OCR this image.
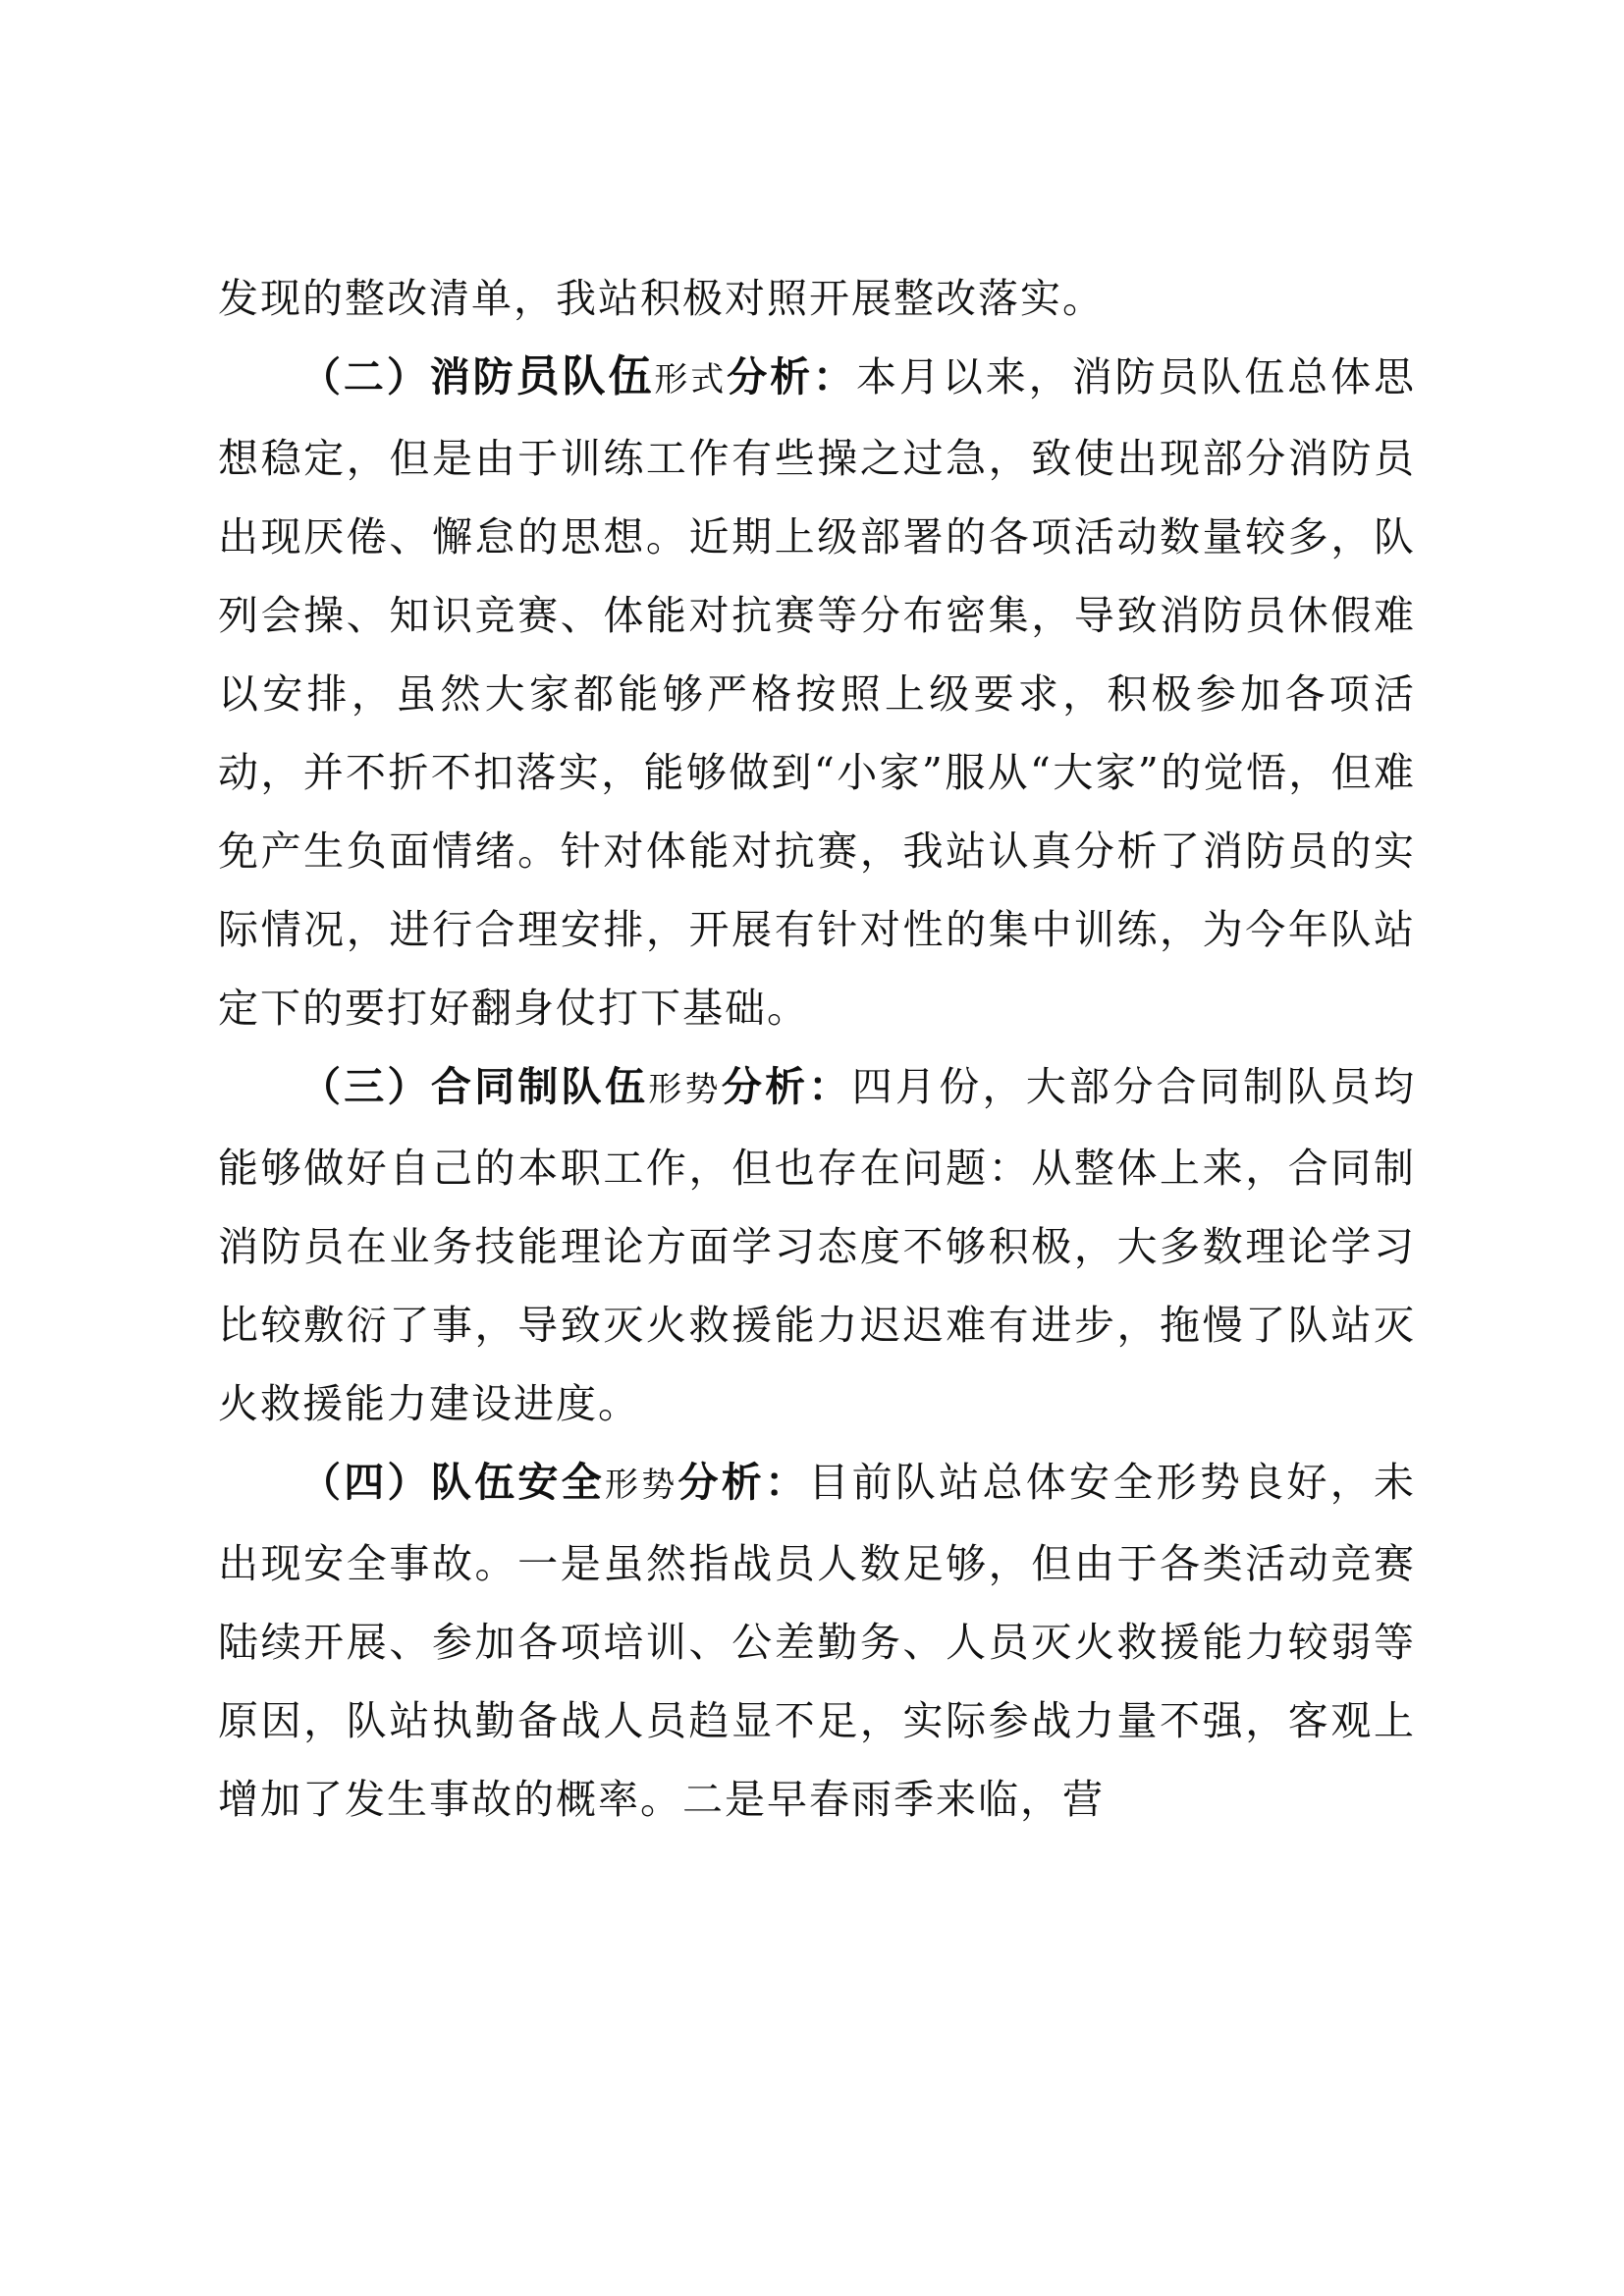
发现的整改清单，我站积极对照开展整改落实。

（二）消防员队伍形式分析：本月以来，消防员队伍总体思想稳定，但是由于训练工作有些操之过急，致使出现部分消防员出现厌倦、懈怠的思想。近期上级部署的各项活动数量较多，队列会操、知识竞赛、体能对抗赛等分布密集，导致消防员休假难以安排，虽然大家都能够严格按照上级要求，积极参加各项活动，并不折不扣落实，能够做到“小家”服从“大家”的觉悟，但难免产生负面情绪。针对体能对抗赛，我站认真分析了消防员的实际情况，进行合理安排，开展有针对性的集中训练，为今年队站定下的要打好翻身仗打下基础。

（三）合同制队伍形势分析：四月份，大部分合同制队员均能够做好自己的本职工作，但也存在问题：从整体上来，合同制消防员在业务技能理论方面学习态度不够积极，大多数理论学习比较敷衍了事，导致灭火救援能力迟迟难有进步，拖慢了队站灭火救援能力建设进度。

（四）队伍安全形势分析：目前队站总体安全形势良好，未出现安全事故。一是虽然指战员人数足够，但由于各类活动竞赛陆续开展、参加各项培训、公差勤务、人员灭火救援能力较弱等原因，队站执勤备战人员趋显不足，实际参战力量不强，客观上增加了发生事故的概率。二是早春雨季来临，营
